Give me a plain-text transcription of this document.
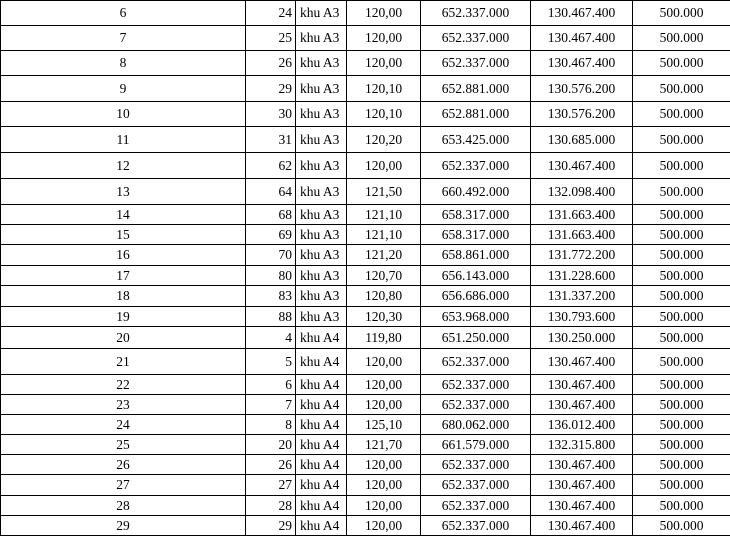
6	24	khu A3	120,00	652.337.000	130.467.400	500.000
7	25	khu A3	120,00	652.337.000	130.467.400	500.000
8	26	khu A3	120,00	652.337.000	130.467.400	500.000
9	29	khu A3	120,10	652.881.000	130.576.200	500.000
10	30	khu A3	120,10	652.881.000	130.576.200	500.000
11	31	khu A3	120,20	653.425.000	130.685.000	500.000
12	62	khu A3	120,00	652.337.000	130.467.400	500.000
13	64	khu A3	121,50	660.492.000	132.098.400	500.000
14	68	khu A3	121,10	658.317.000	131.663.400	500.000
15	69	khu A3	121,10	658.317.000	131.663.400	500.000
16	70	khu A3	121,20	658.861.000	131.772.200	500.000
17	80	khu A3	120,70	656.143.000	131.228.600	500.000
18	83	khu A3	120,80	656.686.000	131.337.200	500.000
19	88	khu A3	120,30	653.968.000	130.793.600	500.000
20	4	khu A4	119,80	651.250.000	130.250.000	500.000
21	5	khu A4	120,00	652.337.000	130.467.400	500.000
22	6	khu A4	120,00	652.337.000	130.467.400	500.000
23	7	khu A4	120,00	652.337.000	130.467.400	500.000
24	8	khu A4	125,10	680.062.000	136.012.400	500.000
25	20	khu A4	121,70	661.579.000	132.315.800	500.000
26	26	khu A4	120,00	652.337.000	130.467.400	500.000
27	27	khu A4	120,00	652.337.000	130.467.400	500.000
28	28	khu A4	120,00	652.337.000	130.467.400	500.000
29	29	khu A4	120,00	652.337.000	130.467.400	500.000
